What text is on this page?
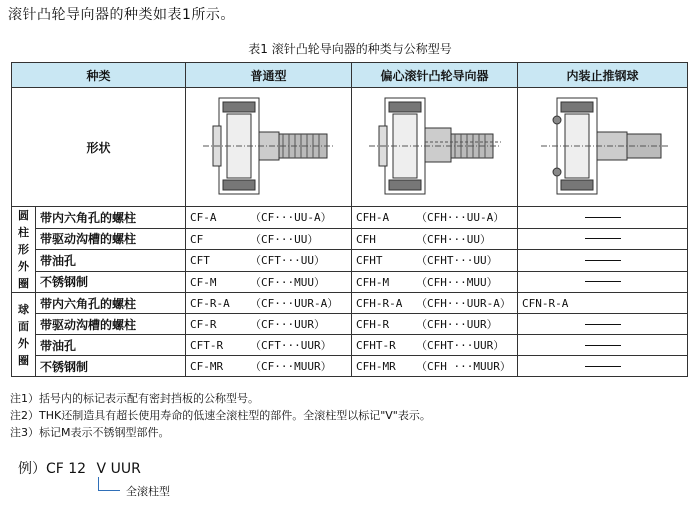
滚针凸轮导向器的种类如表1所示。
表1 滚针凸轮导向器的种类与公称型号
种类		普通型	偏心滚针凸轮导向器	内装止推钢球
形状			
圆柱形外圈	带内六角孔的螺柱	CF-A （CF···UU-A）	CFH-A （CFH···UU-A）	

	带驱动沟槽的螺柱	CF （CF···UU）	CFH （CFH···UU）	

	带油孔	CFT （CFT···UU）	CFHT （CFHT···UU）	

	不锈钢制	CF-M （CF···MUU）	CFH-M （CFH···MUU）	

球面外圈	带内六角孔的螺柱	CF-R-A （CF···UUR-A）	CFH-R-A （CFH···UUR-A）	CFN-R-A
	带驱动沟槽的螺柱	CF-R （CF···UUR）	CFH-R （CFH···UUR）	

	带油孔	CFT-R （CFT···UUR）	CFHT-R （CFHT···UUR）	

	不锈钢制	CF-MR （CF···MUUR）	CFH-MR （CFH ···MUUR）	
注1）括号内的标记表示配有密封挡板的公称型号。
注2）THK还制造具有超长使用寿命的低速全滚柱型的部件。全滚柱型以标记"V"表示。
注3）标记M表示不锈钢型部件。
例）CF 12 V UUR
全滚柱型
